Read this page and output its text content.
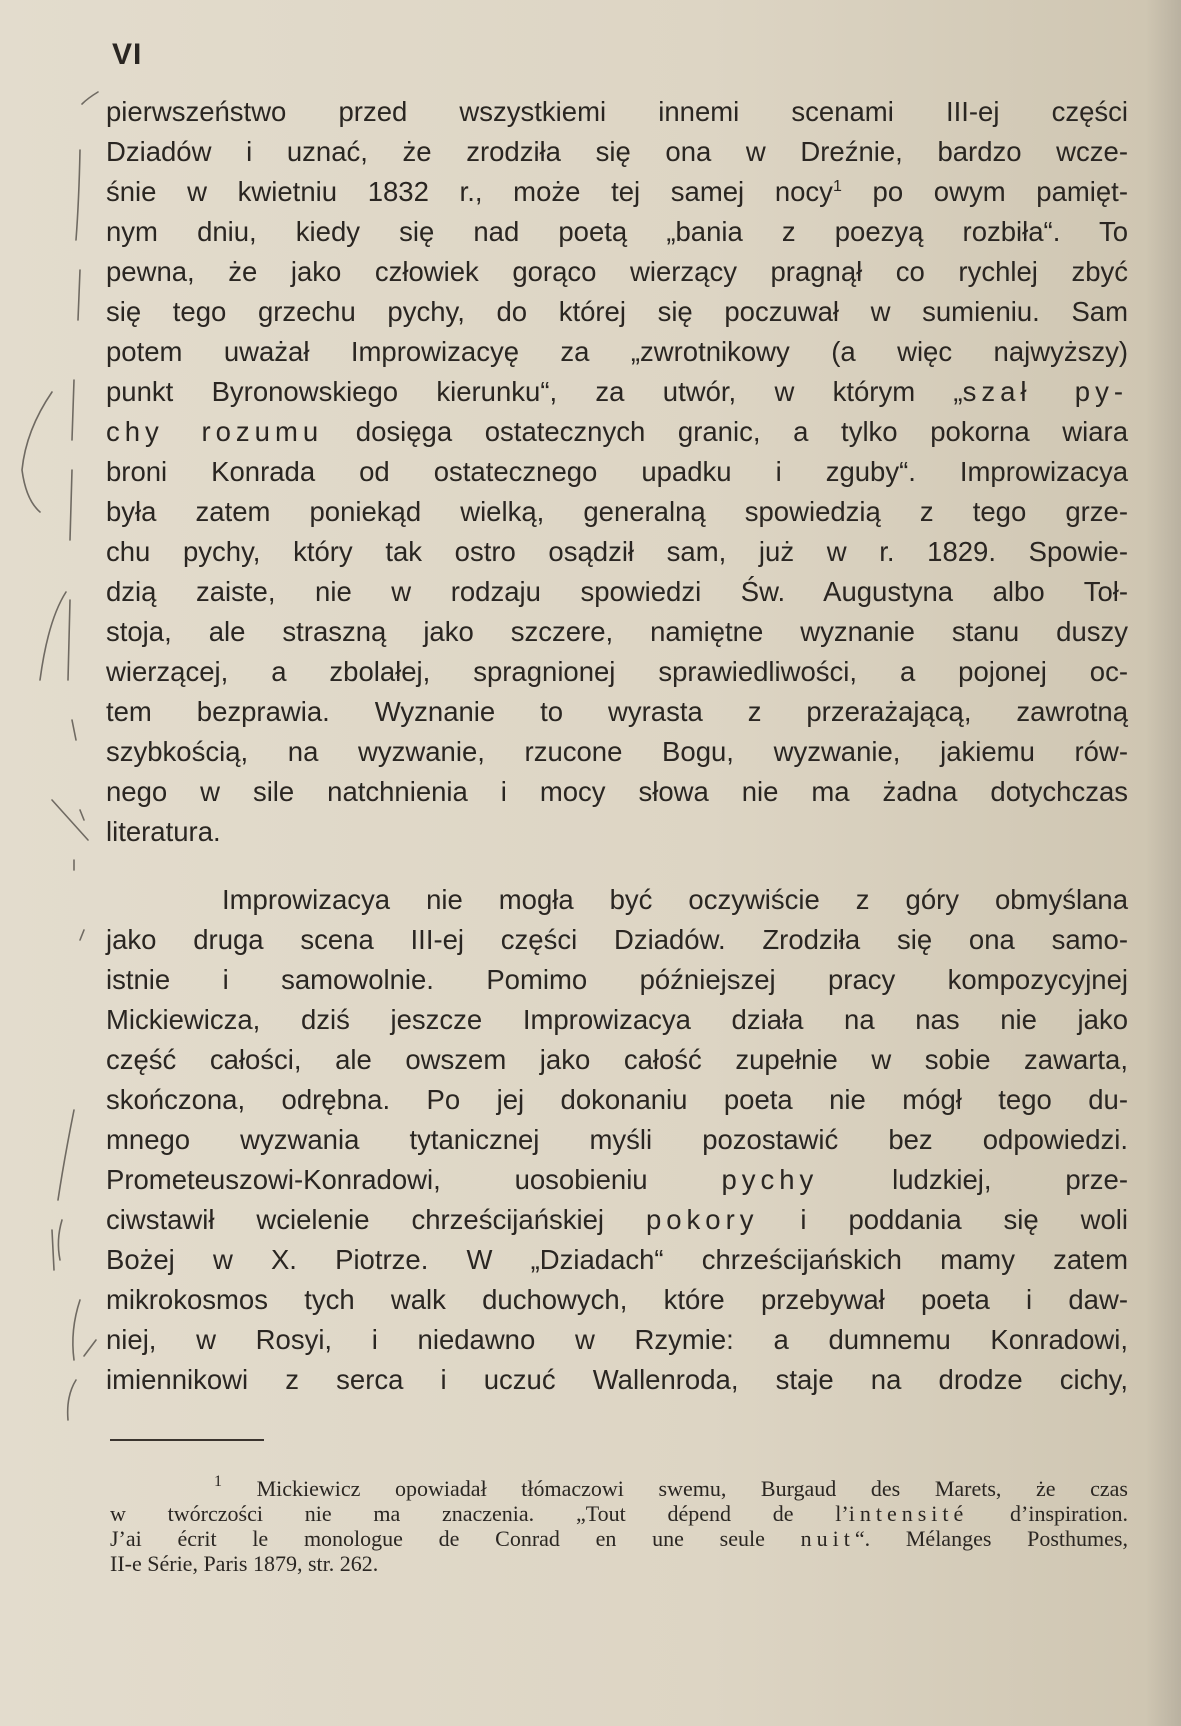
VI
pierwszeństwo przed wszystkiemi innemi scenami III-ej części
Dziadów i uznać, że zrodziła się ona w Dreźnie, bardzo wcze-
śnie w kwietniu 1832 r., może tej samej nocy$^1$ po owym pamięt-
nym dniu, kiedy się nad poetą „bania z poezyą rozbiła“. To
pewna, że jako człowiek gorąco wierzący pragnął co rychlej zbyć
się tego grzechu pychy, do której się poczuwał w sumieniu. Sam
potem uważał Improwizacyę za „zwrotnikowy (a więc najwyższy)
punkt Byronowskiego kierunku“, za utwór, w którym „szał py-
chy rozumu dosięga ostatecznych granic, a tylko pokorna wiara
broni Konrada od ostatecznego upadku i zguby“. Improwizacya
była zatem poniekąd wielką, generalną spowiedzią z tego grze-
chu pychy, który tak ostro osądził sam, już w r. 1829. Spowie-
dzią zaiste, nie w rodzaju spowiedzi Św. Augustyna albo Toł-
stoja, ale straszną jako szczere, namiętne wyznanie stanu duszy
wierzącej, a zbolałej, spragnionej sprawiedliwości, a pojonej oc-
tem bezprawia. Wyznanie to wyrasta z przerażającą, zawrotną
szybkością, na wyzwanie, rzucone Bogu, wyzwanie, jakiemu rów-
nego w sile natchnienia i mocy słowa nie ma żadna dotychczas
literatura.
Improwizacya nie mogła być oczywiście z góry obmyślana
jako druga scena III-ej części Dziadów. Zrodziła się ona samo-
istnie i samowolnie. Pomimo późniejszej pracy kompozycyjnej
Mickiewicza, dziś jeszcze Improwizacya działa na nas nie jako
część całości, ale owszem jako całość zupełnie w sobie zawarta,
skończona, odrębna. Po jej dokonaniu poeta nie mógł tego du-
mnego wyzwania tytanicznej myśli pozostawić bez odpowiedzi.
Prometeuszowi-Konradowi, uosobieniu pychy ludzkiej, prze-
ciwstawił wcielenie chrześcijańskiej pokory i poddania się woli
Bożej w X. Piotrze. W „Dziadach“ chrześcijańskich mamy zatem
mikrokosmos tych walk duchowych, które przebywał poeta i daw-
niej, w Rosyi, i niedawno w Rzymie: a dumnemu Konradowi,
imiennikowi z serca i uczuć Wallenroda, staje na drodze cichy,
$^1$ Mickiewicz opowiadał tłómaczowi swemu, Burgaud des Marets, że czas
w twórczości nie ma znaczenia. „Tout dépend de l’intensité d’inspiration.
J’ai écrit le monologue de Conrad en une seule nuit“. Mélanges Posthumes,
II-e Série, Paris 1879, str. 262.
